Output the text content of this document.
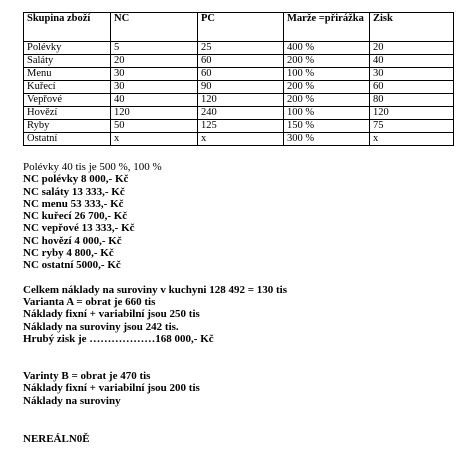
Skupina zboží	NC	PC	Marže =přirážka	Zisk
Polévky	5	25	400 %	20
Saláty	20	60	200 %	40
Menu	30	60	100 %	30
Kuřecí	30	90	200 %	60
Vepřové	40	120	200 %	80
Hovězí	120	240	100 %	120
Ryby	50	125	150 %	75
Ostatní	x	x	300 %	x
Polévky 40 tis je 500 %, 100 %
NC polévky 8 000,- Kč
NC saláty 13 333,- Kč
NC menu 53 333,- Kč
NC kuřecí 26 700,- Kč
NC vepřové 13 333,- Kč
NC hovězí 4 000,- Kč
NC ryby 4 800,- Kč
NC ostatní 5000,- Kč
Celkem náklady na suroviny v kuchyni 128 492 = 130 tis
Varianta A = obrat je 660 tis
Náklady fixní + variabilní jsou 250 tis
Náklady na suroviny jsou 242 tis.
Hrubý zisk je ………………168 000,- Kč
Varinty B = obrat je 470 tis
Náklady fixní + variabilní jsou 200 tis
Náklady na suroviny
NEREÁLN0Ě
